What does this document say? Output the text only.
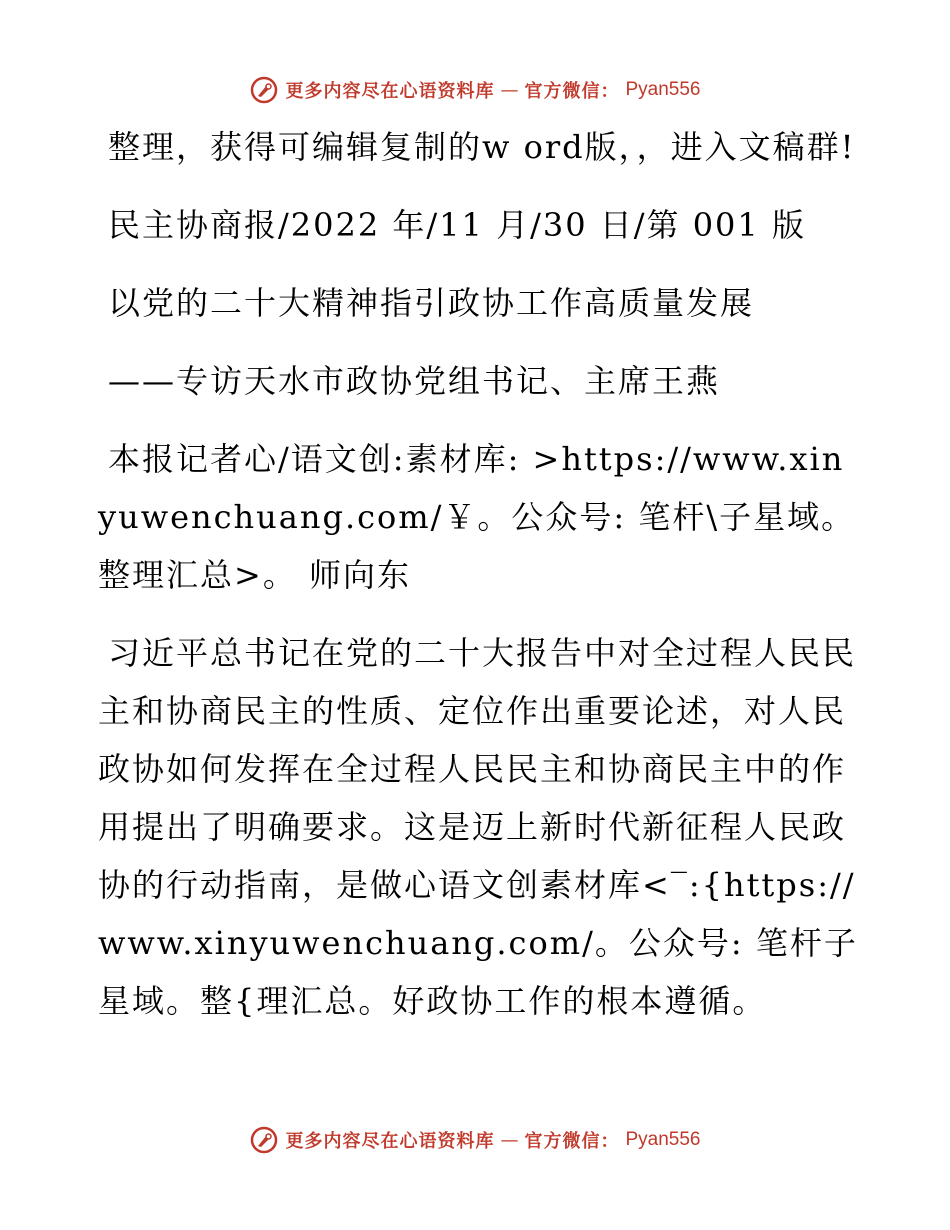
更多内容尽在心语资料库 — 官方微信： Pyan556

整理，获得可编辑复制的w ord版，，进入文稿群!

民主协商报/2022 年/11 月/30 日/第 001 版

以党的二十大精神指引政协工作高质量发展

——专访天水市政协党组书记、主席王燕

本报记者心/语文创:素材库: >https://www.xinyuwenchuang.com/￥。公众号: 笔杆\子星域。整理汇总>。 师向东

习近平总书记在党的二十大报告中对全过程人民民主和协商民主的性质、定位作出重要论述，对人民政协如何发挥在全过程人民民主和协商民主中的作用提出了明确要求。这是迈上新时代新征程人民政协的行动指南，是做心语文创素材库<‾:{https://www.xinyuwenchuang.com/。公众号: 笔杆子星域。整{理汇总。好政协工作的根本遵循。

更多内容尽在心语资料库 — 官方微信： Pyan556
